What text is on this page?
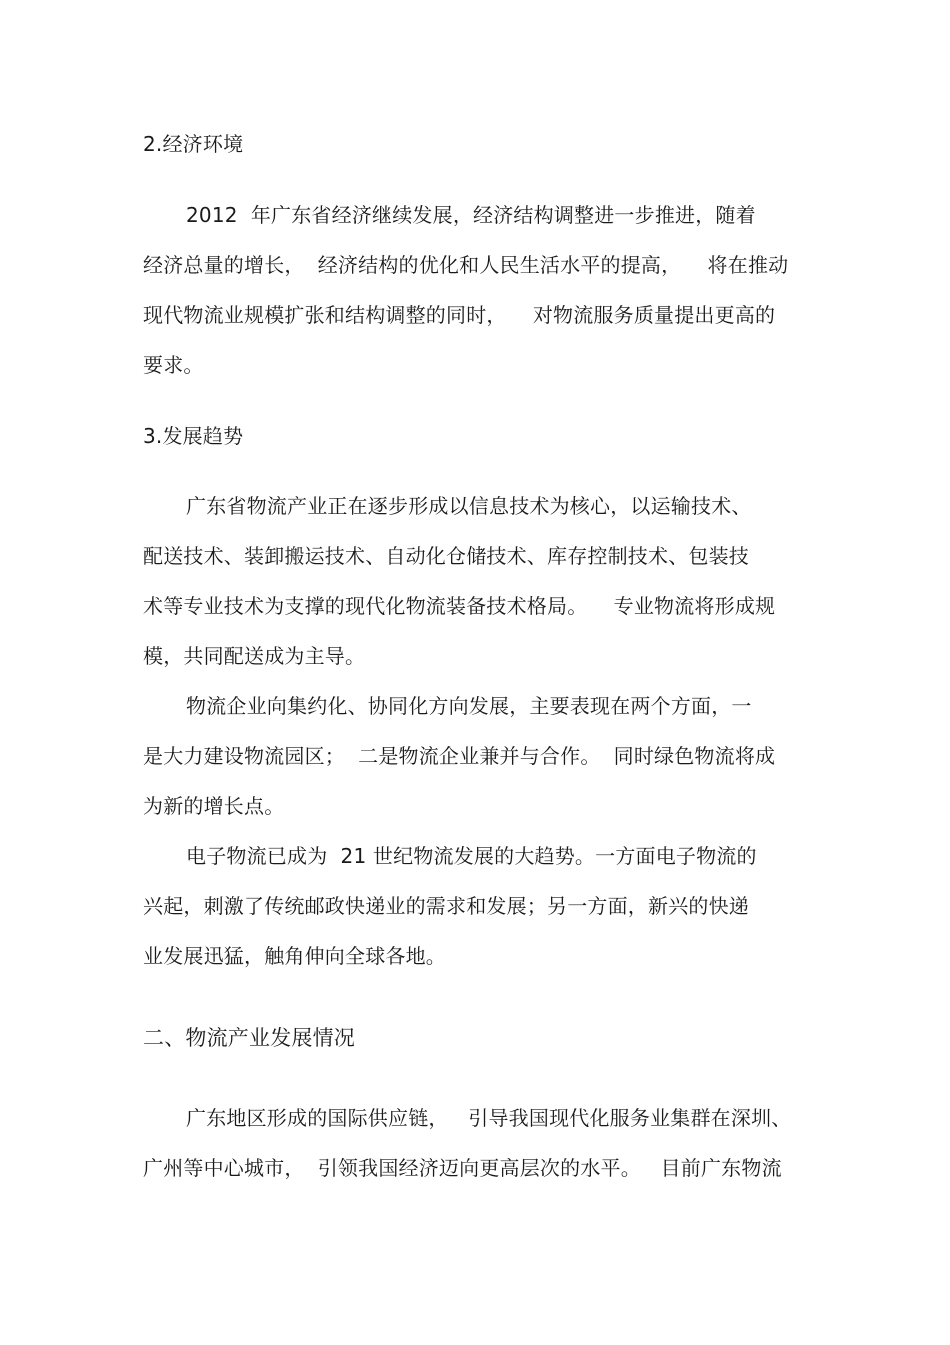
2.经济环境
2012  年广东省经济继续发展，经济结构调整进一步推进，随着
经济总量的增长，  经济结构的优化和人民生活水平的提高，    将在推动
现代物流业规模扩张和结构调整的同时，    对物流服务质量提出更高的
要求。
3.发展趋势
广东省物流产业正在逐步形成以信息技术为核心，以运输技术、
配送技术、装卸搬运技术、自动化仓储技术、库存控制技术、包装技
术等专业技术为支撑的现代化物流装备技术格局。    专业物流将形成规
模，共同配送成为主导。
物流企业向集约化、协同化方向发展，主要表现在两个方面，一
是大力建设物流园区；  二是物流企业兼并与合作。  同时绿色物流将成
为新的增长点。
电子物流已成为  21 世纪物流发展的大趋势。一方面电子物流的
兴起，刺激了传统邮政快递业的需求和发展；另一方面，新兴的快递
业发展迅猛，触角伸向全球各地。
二、物流产业发展情况
广东地区形成的国际供应链，   引导我国现代化服务业集群在深圳、
广州等中心城市，  引领我国经济迈向更高层次的水平。   目前广东物流
